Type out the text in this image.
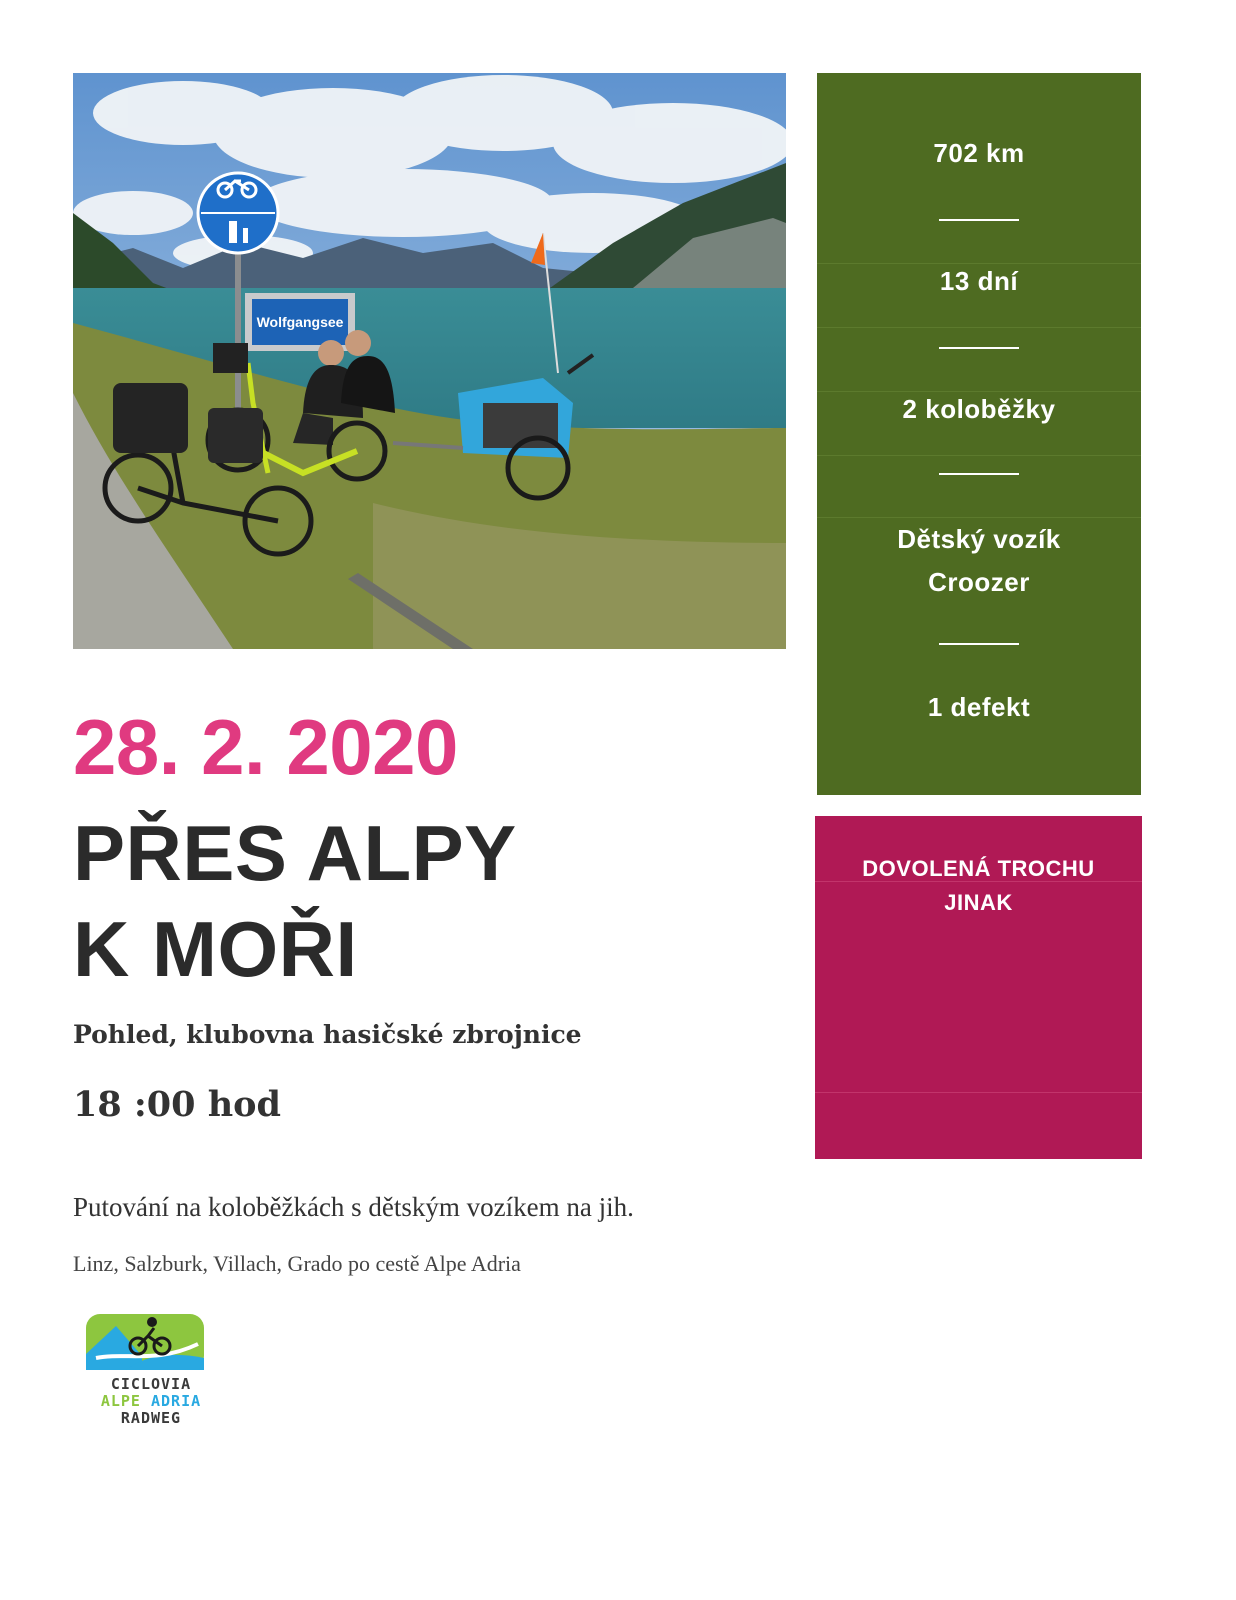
Wolfgangsee
702 km
13 dní
2 koloběžky
Dětský vozík
Croozer
1 defekt
DOVOLENÁ TROCHU
JINAK
28. 2. 2020
PŘES ALPY
K MOŘI
Pohled, klubovna hasičské zbrojnice
18 :00 hod
Putování na koloběžkách s dětským vozíkem na jih.
Linz, Salzburk, Villach, Grado po cestě Alpe Adria
CICLOVIA
ALPE ADRIA
RADWEG
